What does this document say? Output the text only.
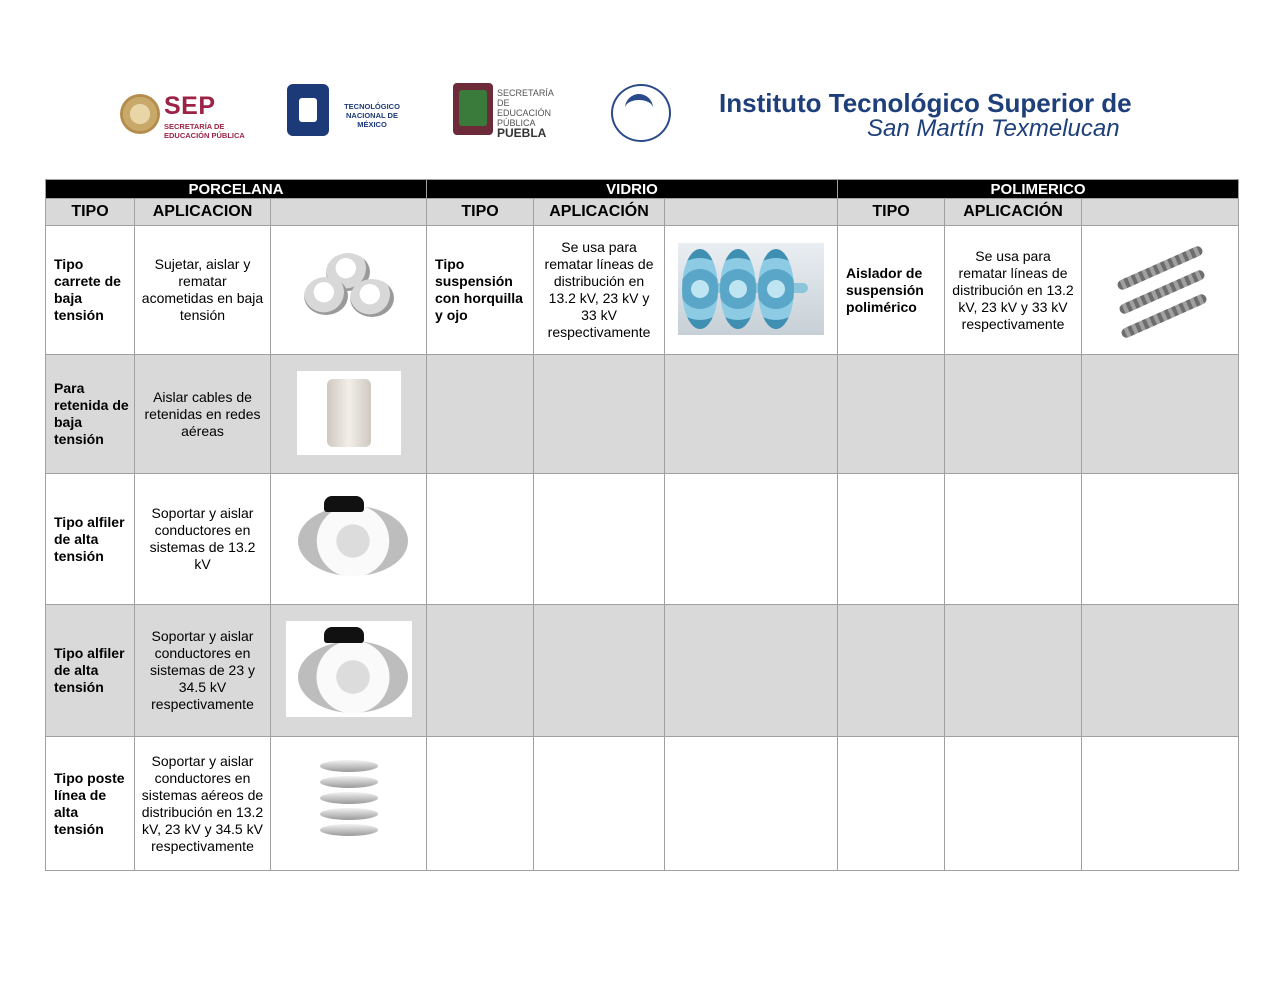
SEP
SECRETARÍA DE EDUCACIÓN PÚBLICA
TECNOLÓGICO NACIONAL DE MÉXICO
SECRETARÍA DE
EDUCACIÓN
PÚBLICA
PUEBLA
Instituto Tecnológico Superior de
San Martín Texmelucan
PORCELANA			VIDRIO			POLIMERICO		
TIPO	APLICACION		TIPO	APLICACIÓN		TIPO	APLICACIÓN	
Tipo carrete de baja tensión	Sujetar, aislar y rematar acometidas en baja tensión		Tipo suspensión con horquilla y ojo	Se usa para rematar líneas de distribución en 13.2 kV, 23 kV y 33 kV respectivamente		Aislador de suspensión polimérico	Se usa para rematar líneas de distribución en 13.2 kV, 23 kV y 33 kV respectivamente	

Para retenida de baja tensión	Aislar cables de retenidas en redes aéreas							
Tipo alfiler de alta tensión	Soportar y aislar conductores en sistemas de 13.2 kV	

Tipo alfiler de alta tensión	Soportar y aislar conductores en sistemas de 23 y 34.5 kV respectivamente	

Tipo poste línea de alta tensión	Soportar y aislar conductores en sistemas aéreos de distribución en 13.2 kV, 23 kV y 34.5 kV respectivamente	
